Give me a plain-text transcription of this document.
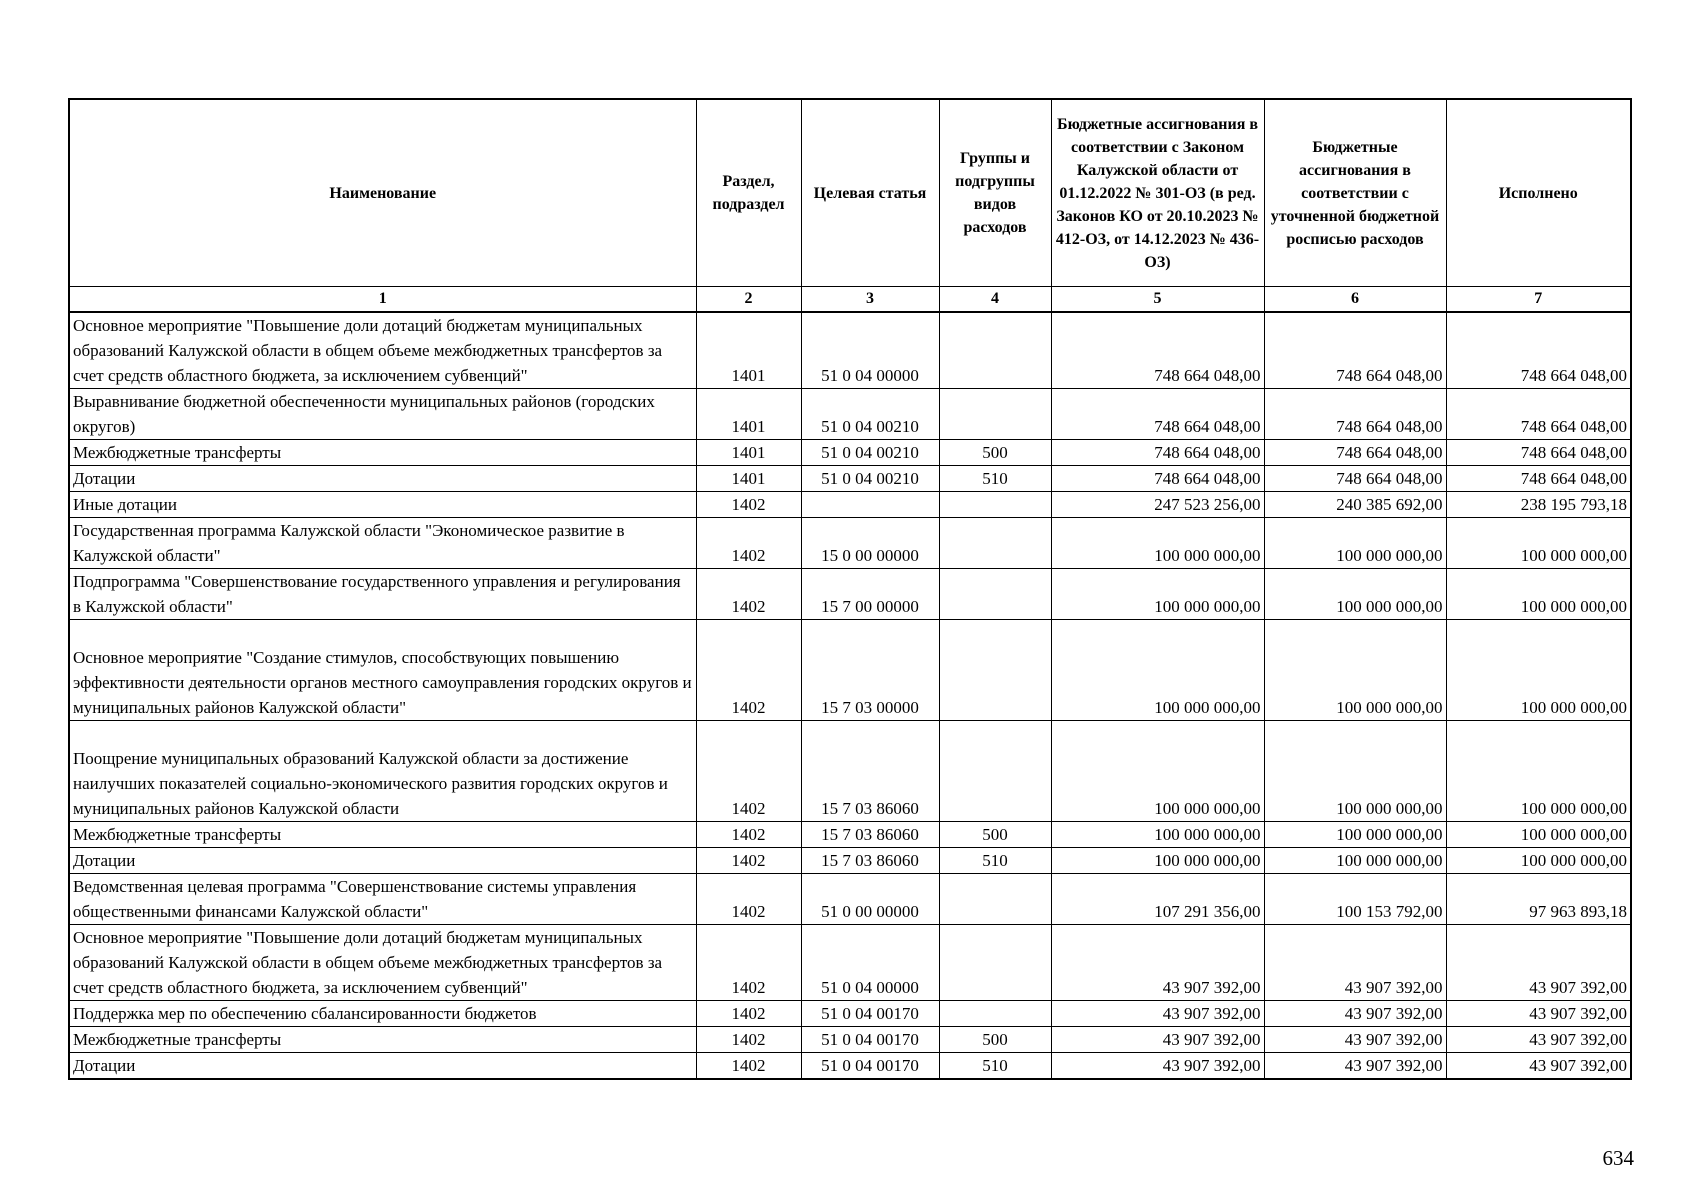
Наименование	Раздел, подраздел	Целевая статья	Группы и подгруппы видов расходов	Бюджетные ассигнования в соответствии с Законом Калужской области от 01.12.2022 № 301-ОЗ (в ред. Законов КО от 20.10.2023 № 412-ОЗ, от 14.12.2023 № 436-ОЗ)	Бюджетные ассигнования в соответствии с уточненной бюджетной росписью расходов	Исполнено
1	2	3	4	5	6	7
Основное мероприятие "Повышение доли дотаций бюджетам муниципальных образований Калужской области в общем объеме межбюджетных трансфертов за счет средств областного бюджета, за исключением субвенций"	1401	51 0 04 00000		748 664 048,00	748 664 048,00	748 664 048,00
Выравнивание бюджетной обеспеченности муниципальных районов (городских округов)	1401	51 0 04 00210		748 664 048,00	748 664 048,00	748 664 048,00
Межбюджетные трансферты	1401	51 0 04 00210	500	748 664 048,00	748 664 048,00	748 664 048,00
Дотации	1401	51 0 04 00210	510	748 664 048,00	748 664 048,00	748 664 048,00
Иные дотации	1402			247 523 256,00	240 385 692,00	238 195 793,18
Государственная программа Калужской области "Экономическое развитие в Калужской области"	1402	15 0 00 00000		100 000 000,00	100 000 000,00	100 000 000,00
Подпрограмма "Совершенствование государственного управления и регулирования в Калужской области"	1402	15 7 00 00000		100 000 000,00	100 000 000,00	100 000 000,00
Основное мероприятие "Создание стимулов, способствующих повышению эффективности деятельности органов местного самоуправления городских округов и муниципальных районов Калужской области"	1402	15 7 03 00000		100 000 000,00	100 000 000,00	100 000 000,00
Поощрение муниципальных образований Калужской области за достижение наилучших показателей социально-экономического развития городских округов и муниципальных районов Калужской области	1402	15 7 03 86060		100 000 000,00	100 000 000,00	100 000 000,00
Межбюджетные трансферты	1402	15 7 03 86060	500	100 000 000,00	100 000 000,00	100 000 000,00
Дотации	1402	15 7 03 86060	510	100 000 000,00	100 000 000,00	100 000 000,00
Ведомственная целевая программа "Совершенствование системы управления общественными финансами Калужской области"	1402	51 0 00 00000		107 291 356,00	100 153 792,00	97 963 893,18
Основное мероприятие "Повышение доли дотаций бюджетам муниципальных образований Калужской области в общем объеме межбюджетных трансфертов за счет средств областного бюджета, за исключением субвенций"	1402	51 0 04 00000		43 907 392,00	43 907 392,00	43 907 392,00
Поддержка мер по обеспечению сбалансированности бюджетов	1402	51 0 04 00170		43 907 392,00	43 907 392,00	43 907 392,00
Межбюджетные трансферты	1402	51 0 04 00170	500	43 907 392,00	43 907 392,00	43 907 392,00
Дотации	1402	51 0 04 00170	510	43 907 392,00	43 907 392,00	43 907 392,00
634
